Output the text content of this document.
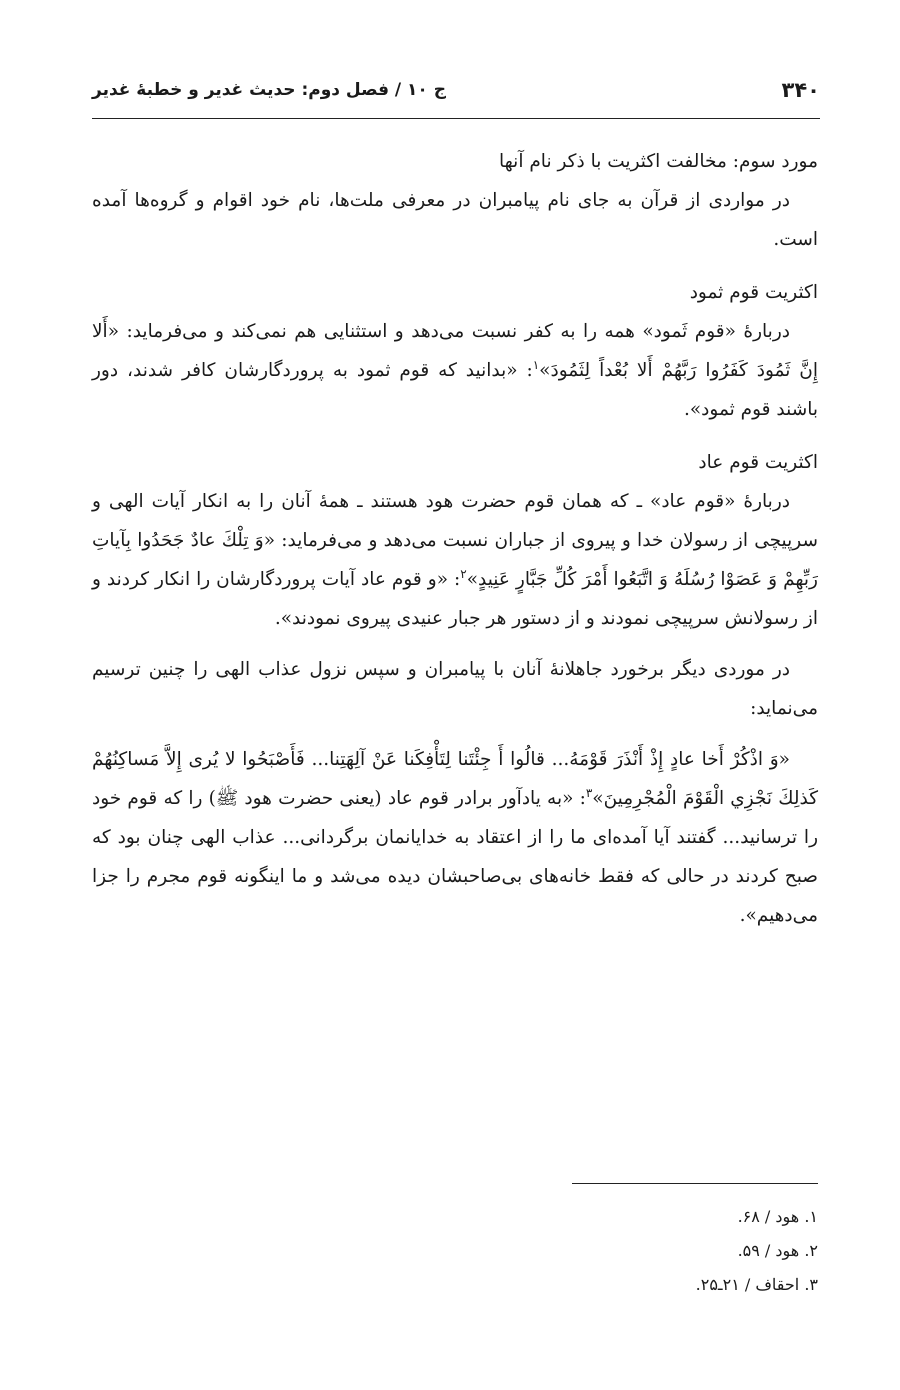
۳۴۰
ج ۱۰ / فصل دوم: حدیث غدیر و خطبهٔ غدیر

مورد سوم: مخالفت اکثریت با ذکر نام آنها

در مواردی از قرآن به جای نام پیامبران در معرفی ملت‌ها، نام خود اقوام و گروه‌ها آمده است.

اکثریت قوم ثمود

دربارهٔ «قوم ثَمود» همه را به کفر نسبت می‌دهد و استثنایی هم نمی‌کند و می‌فرماید: «أَلا إِنَّ ثَمُودَ كَفَرُوا رَبَّهُمْ أَلا بُعْداً لِثَمُودَ»$^۱$: «بدانید که قوم ثمود به پروردگارشان کافر شدند، دور باشند قوم ثمود».

اکثریت قوم عاد

دربارهٔ «قوم عاد» ـ که همان قوم حضرت هود هستند ـ همهٔ آنان را به انکار آیات الهی و سرپیچی از رسولان خدا و پیروی از جباران نسبت می‌دهد و می‌فرماید: «وَ تِلْكَ عادٌ جَحَدُوا بِآياتِ رَبِّهِمْ وَ عَصَوْا رُسُلَهُ وَ اتَّبَعُوا أَمْرَ كُلِّ جَبَّارٍ عَنِيدٍ»$^۲$: «و قوم عاد آیات پروردگارشان را انکار کردند و از رسولانش سرپیچی نمودند و از دستور هر جبار عنیدی پیروی نمودند».

در موردی دیگر برخورد جاهلانهٔ آنان با پیامبران و سپس نزول عذاب الهی را چنین ترسیم می‌نماید:

«وَ اذْكُرْ أَخا عادٍ إِذْ أَنْذَرَ قَوْمَهُ... قالُوا أَ جِئْتَنا لِتَأْفِكَنا عَنْ آلِهَتِنا... فَأَصْبَحُوا لا يُرى إِلاَّ مَساكِنُهُمْ كَذلِكَ نَجْزِي الْقَوْمَ الْمُجْرِمِينَ»$^۳$: «به یادآور برادر قوم عاد (یعنی حضرت هود ﷺ) را که قوم خود را ترسانید... گفتند آیا آمده‌ای ما را از اعتقاد به خدایانمان برگردانی... عذاب الهی چنان بود که صبح کردند در حالی که فقط خانه‌های بی‌صاحبشان دیده می‌شد و ما اینگونه قوم مجرم را جزا می‌دهیم».

۱. هود / ۶۸.
۲. هود / ۵۹.
۳. احقاف / ۲۱ـ۲۵.
